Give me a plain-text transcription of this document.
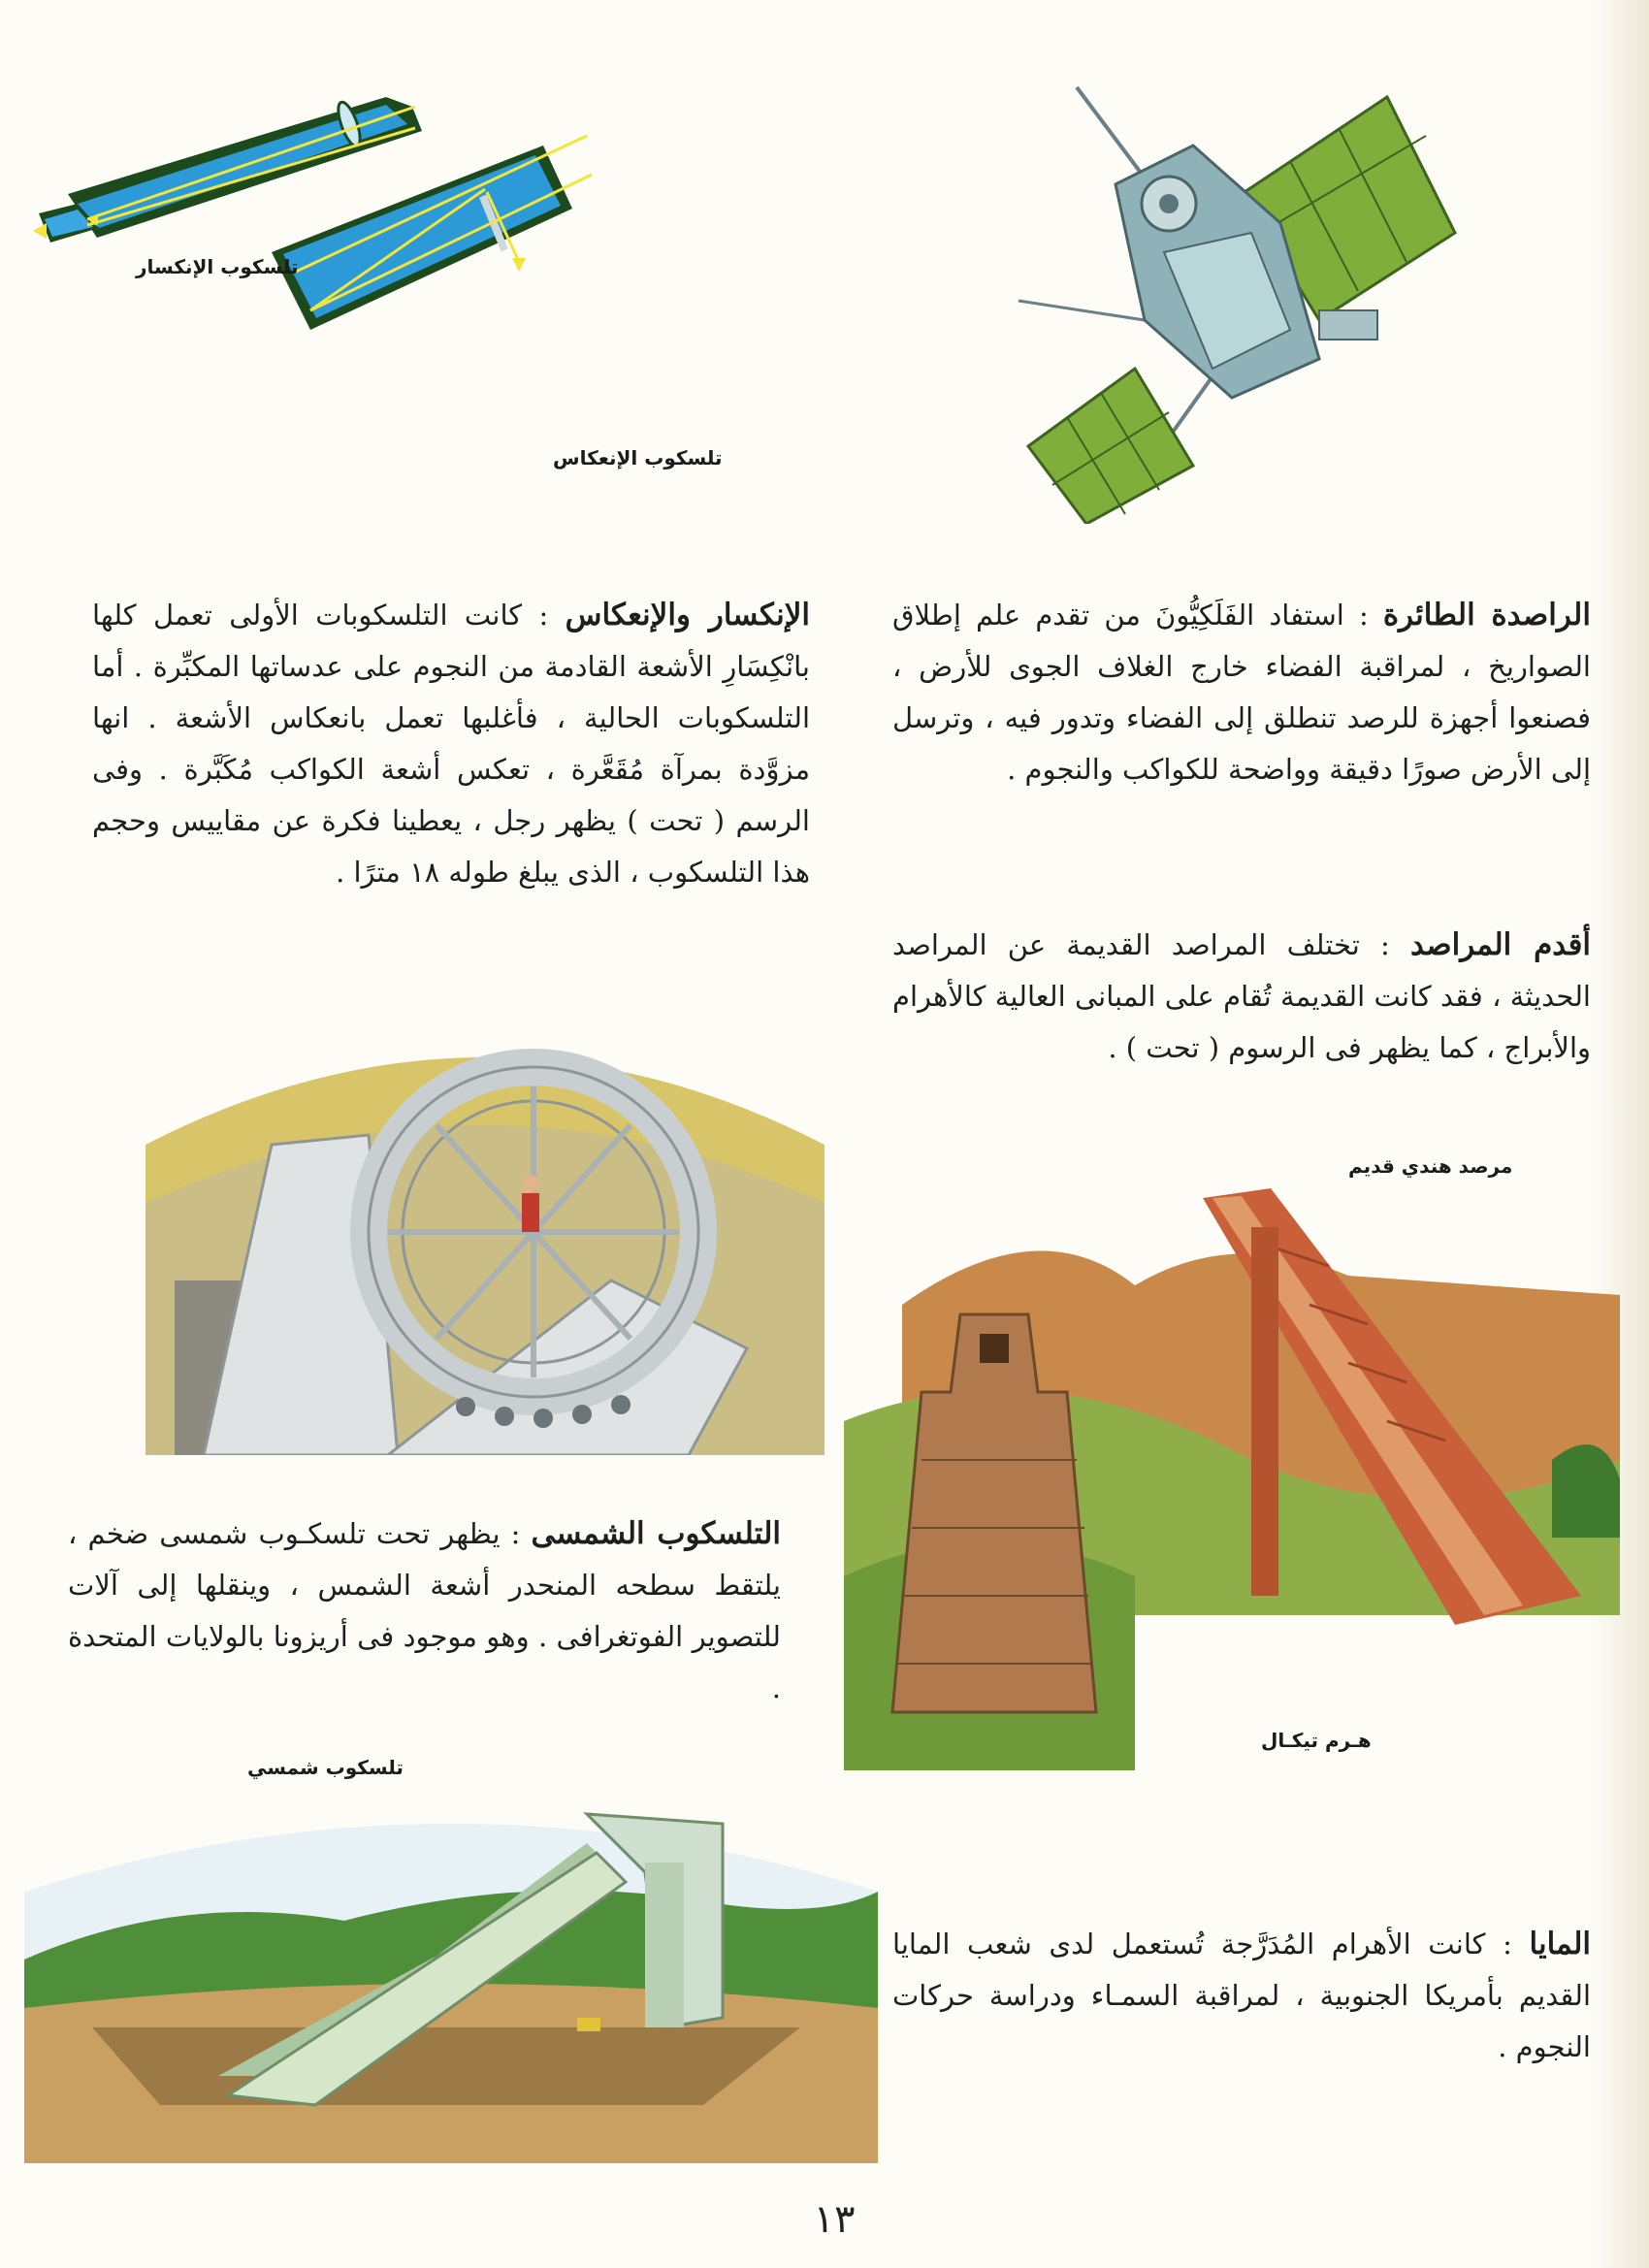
تلسكوب الإنكسار
تلسكوب الإنعكاس
الراصدة الطائرة : استفاد الفَلَكِيُّونَ من تقدم علم إطلاق الصواريخ ، لمراقبة الفضاء خارج الغلاف الجوى للأرض ، فصنعوا أجهزة للرصد تنطلق إلى الفضاء وتدور فيه ، وترسل إلى الأرض صورًا دقيقة وواضحة للكواكب والنجوم .
الإنكسار والإنعكاس : كانت التلسكوبات الأولى تعمل كلها بانْكِسَارِ الأشعة القادمة من النجوم على عدساتها المكبِّرة . أما التلسكوبات الحالية ، فأغلبها تعمل بانعكاس الأشعة . انها مزوَّدة بمرآة مُقَعَّرة ، تعكس أشعة الكواكب مُكَبَّرة . وفى الرسم ( تحت ) يظهر رجل ، يعطينا فكرة عن مقاييس وحجم هذا التلسكوب ، الذى يبلغ طوله ١٨ مترًا .
أقدم المراصد : تختلف المراصد القديمة عن المراصد الحديثة ، فقد كانت القديمة تُقام على المبانى العالية كالأهرام والأبراج ، كما يظهر فى الرسوم ( تحت ) .
مرصد هندي قديم
هـرم تيكـال
التلسكوب الشمسى : يظهر تحت تلسكـوب شمسى ضخم ، يلتقط سطحه المنحدر أشعة الشمس ، وينقلها إلى آلات للتصوير الفوتغرافى . وهو موجود فى أريزونا بالولايات المتحدة .
تلسكوب شمسي
المايا : كانت الأهرام المُدَرَّجة تُستعمل لدى شعب المايا القديم بأمريكا الجنوبية ، لمراقبة السمـاء ودراسة حركات النجوم .
١٣
